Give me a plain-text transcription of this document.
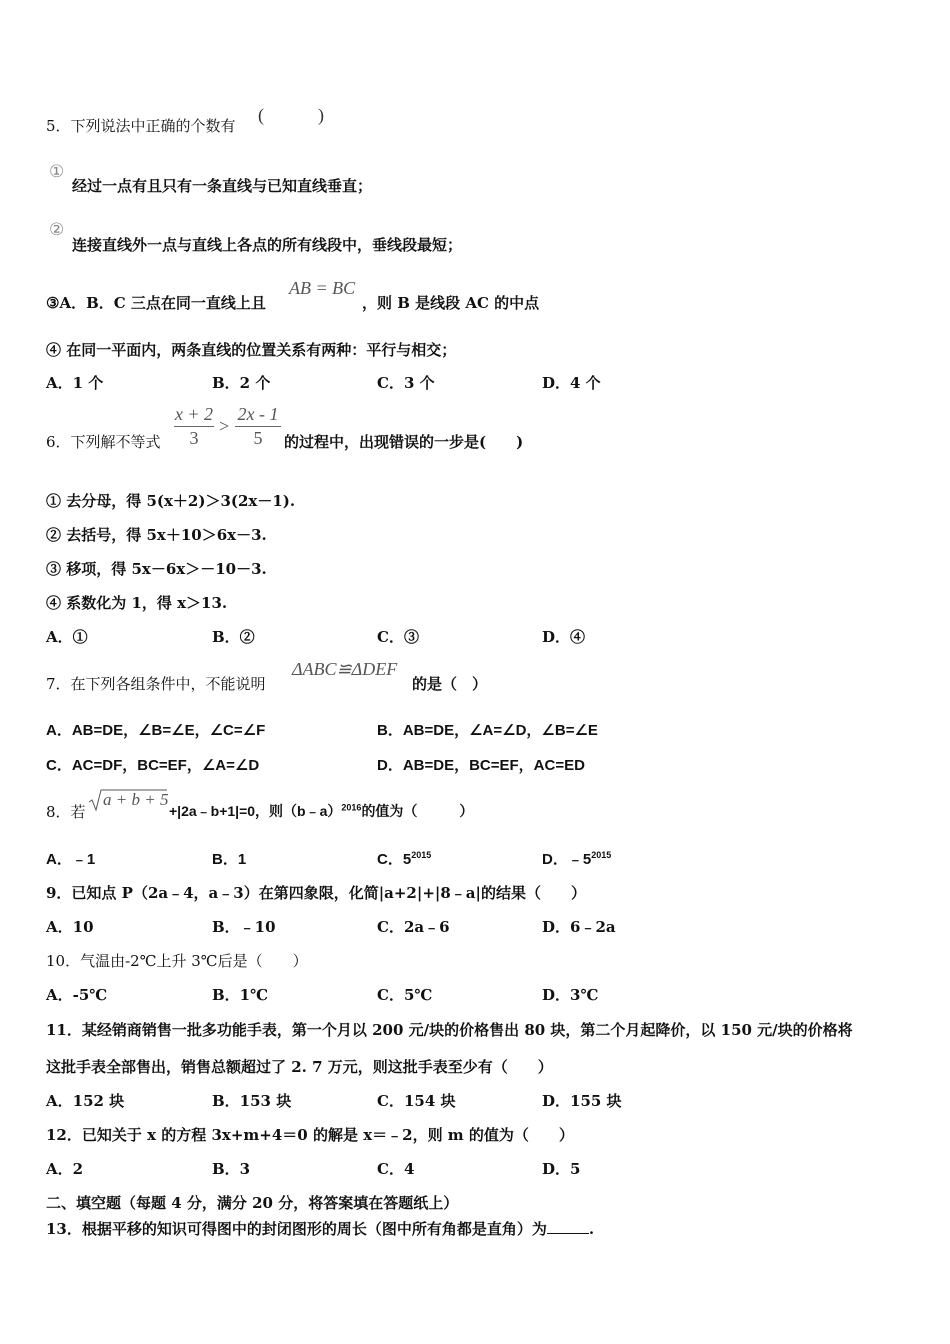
5．下列说法中正确的个数有
(　　　)
①
经过一点有且只有一条直线与已知直线垂直；
②
连接直线外一点与直线上各点的所有线段中，垂线段最短；
③A．B．C 三点在同一直线上且
AB = BC
，则 B 是线段 AC 的中点
④ 在同一平面内，两条直线的位置关系有两种：平行与相交；
A．1 个	B．2 个	C．3 个	D．4 个
6．下列解不等式
x + 2
3
>
2x - 1
5	的过程中，出现错误的一步是(　　)
① 去分母，得 5(x＋2)＞3(2x－1).
② 去括号，得 5x＋10＞6x－3.
③ 移项，得 5x－6x＞－10－3.
④ 系数化为 1，得 x＞13.
A．①	B．②	C．③	D．④
7．在下列各组条件中，不能说明
ΔABC≌ΔDEF
的是（　）
A．AB=DE，∠B=∠E，∠C=∠F	B．AB=DE，∠A=∠D，∠B=∠E
C．AC=DF，BC=EF，∠A=∠D	D．AB=DE，BC=EF，AC=ED
8．若
a + b + 5
+|2a﹣b+1|=0，则（b﹣a）$^{2016}$的值为（　　　）
A．﹣1	B．1	C．$5^{2015}$	D．$﹣5^{2015}$
9．已知点 P（2a﹣4，a﹣3）在第四象限，化简|a+2|+|8﹣a|的结果（　　）
A．10	B．﹣10	C．2a﹣6	D．6﹣2a
10．气温由-2℃上升 3℃后是（　　）
A．-5℃	B．1℃	C．5℃	D．3℃
11．某经销商销售一批多功能手表，第一个月以 200 元/块的价格售出 80 块，第二个月起降价，以 150 元/块的价格将
这批手表全部售出，销售总额超过了 2. 7 万元，则这批手表至少有（　　）
A．152 块	B．153 块	C．154 块	D．155 块
12．已知关于 x 的方程 3x+m+4＝0 的解是 x＝﹣2，则 m 的值为（　　）
A．2	B．3	C．4	D．5
二、填空题（每题 4 分，满分 20 分，将答案填在答题纸上）
13．根据平移的知识可得图中的封闭图形的周长（图中所有角都是直角）为	.
